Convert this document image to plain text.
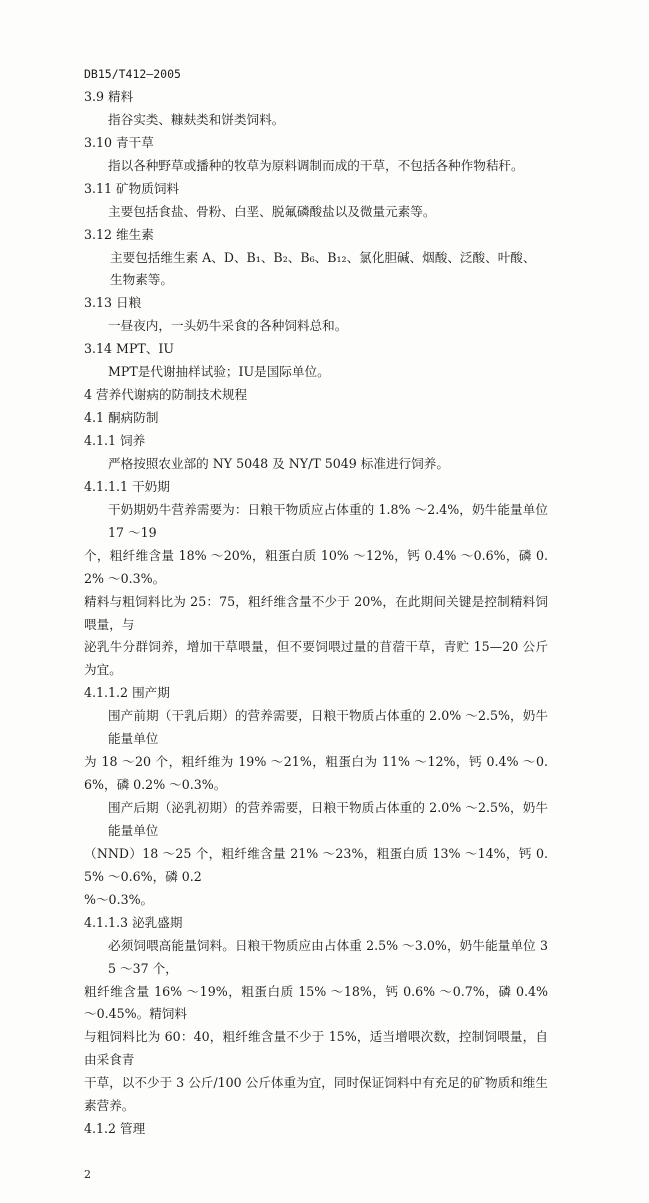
DB15/T412—2005
3.9 精料
指谷实类、糠麸类和饼类饲料。
3.10 青干草
指以各种野草或播种的牧草为原料调制而成的干草，不包括各种作物秸秆。
3.11 矿物质饲料
主要包括食盐、骨粉、白垩、脱氟磷酸盐以及微量元素等。
3.12 维生素
主要包括维生素 A、D、B₁、B₂、B₆、B₁₂、氯化胆碱、烟酸、泛酸、叶酸、生物素等。
3.13 日粮
一昼夜内，一头奶牛采食的各种饲料总和。
3.14 MPT、IU
MPT是代谢抽样试验；IU是国际单位。
4 营养代谢病的防制技术规程
4.1 酮病防制
4.1.1 饲养
严格按照农业部的 NY 5048 及 NY/T 5049 标准进行饲养。
4.1.1.1 干奶期
干奶期奶牛营养需要为：日粮干物质应占体重的 1.8% ～2.4%，奶牛能量单位 17 ～19
个，粗纤维含量 18% ～20%，粗蛋白质 10% ～12%，钙 0.4% ～0.6%，磷 0.2% ～0.3%。
精料与粗饲料比为 25：75，粗纤维含量不少于 20%，在此期间关键是控制精料饲喂量，与
泌乳牛分群饲养，增加干草喂量，但不要饲喂过量的苜蓿干草，青贮 15—20 公斤为宜。
4.1.1.2 围产期
围产前期（干乳后期）的营养需要，日粮干物质占体重的 2.0% ～2.5%，奶牛能量单位
为 18 ～20 个，粗纤维为 19% ～21%，粗蛋白为 11% ～12%，钙 0.4% ～0.6%，磷 0.2% ～0.3%。
围产后期（泌乳初期）的营养需要，日粮干物质占体重的 2.0% ～2.5%，奶牛能量单位
（NND）18 ～25 个，粗纤维含量 21% ～23%，粗蛋白质 13% ～14%，钙 0.5% ～0.6%，磷 0.2
%～0.3%。
4.1.1.3 泌乳盛期
必须饲喂高能量饲料。日粮干物质应由占体重 2.5% ～3.0%，奶牛能量单位 35 ～37 个，
粗纤维含量 16% ～19%，粗蛋白质 15% ～18%，钙 0.6% ～0.7%，磷 0.4% ～0.45%。精饲料
与粗饲料比为 60：40，粗纤维含量不少于 15%，适当增喂次数，控制饲喂量，自由采食青
干草，以不少于 3 公斤/100 公斤体重为宜，同时保证饲料中有充足的矿物质和维生素营养。
4.1.2 管理
2
